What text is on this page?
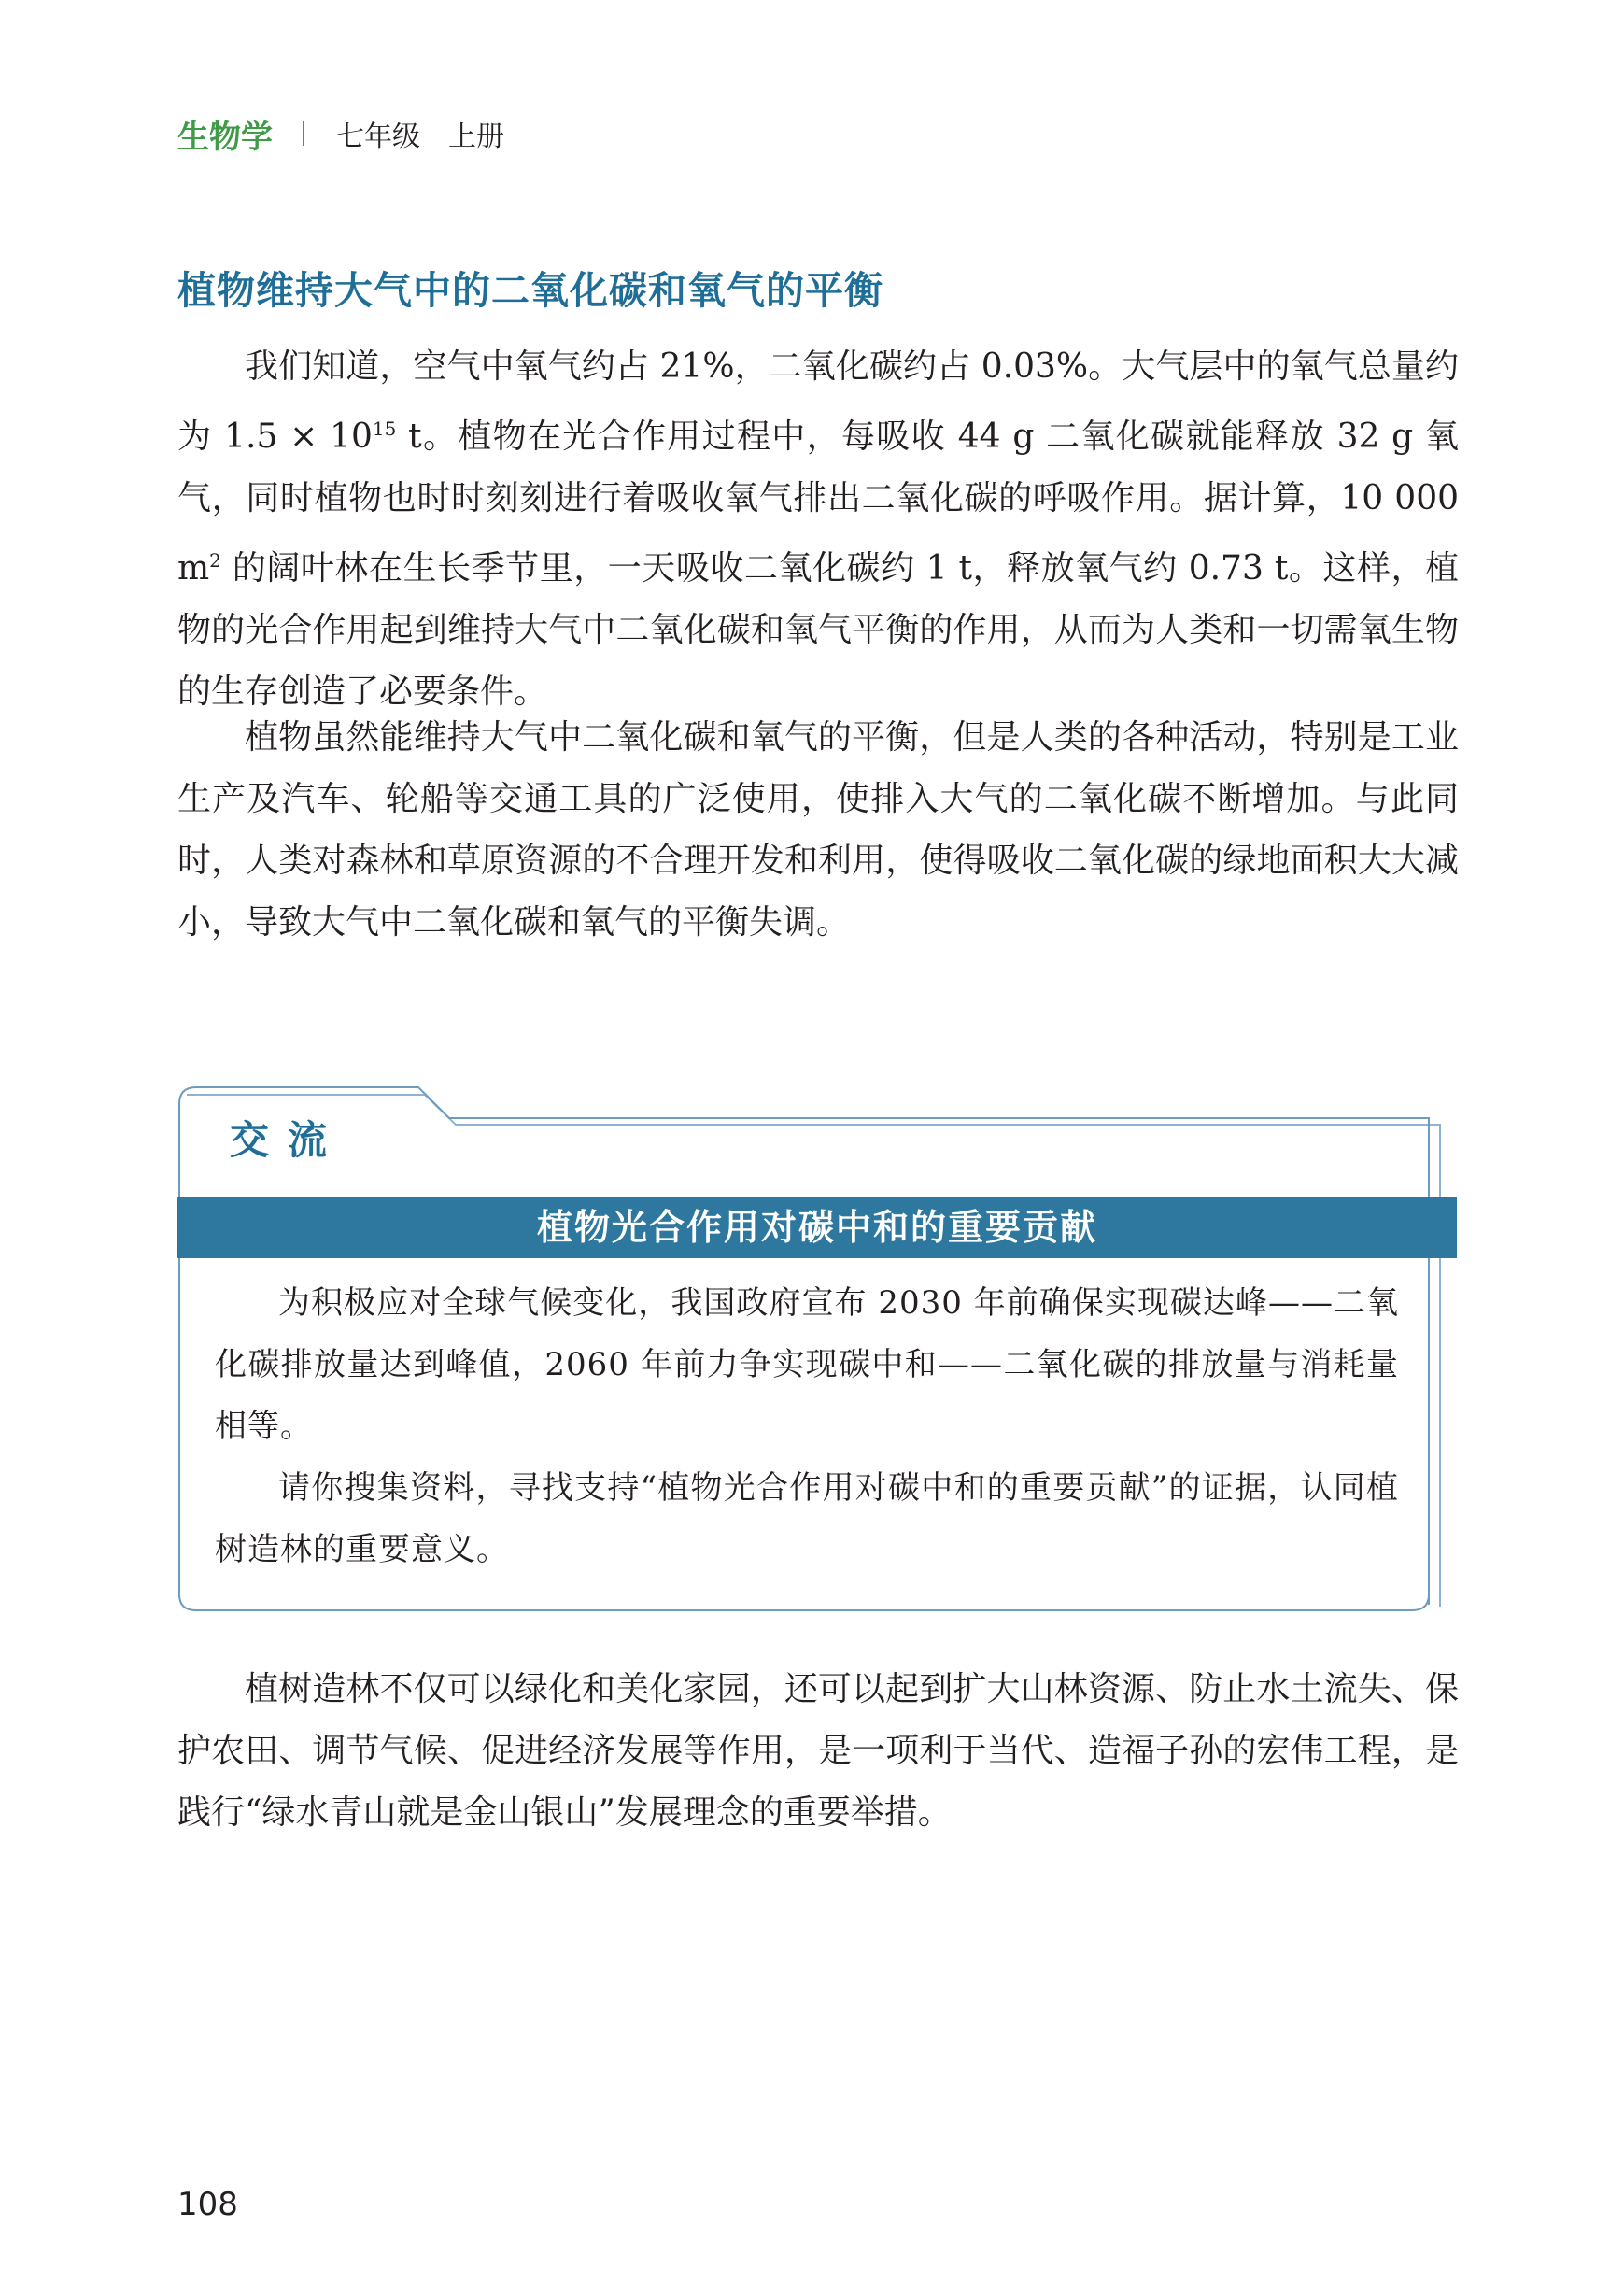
生物学 七年级　上册
植物维持大气中的二氧化碳和氧气的平衡

我们知道，空气中氧气约占 21%，二氧化碳约占 0.03%。大气层中的氧气总量约为 $1.5 \times 10^{15}$ t。植物在光合作用过程中，每吸收 44 g 二氧化碳就能释放 32 g 氧气，同时植物也时时刻刻进行着吸收氧气排出二氧化碳的呼吸作用。据计算，10 000 $m^2$ 的阔叶林在生长季节里，一天吸收二氧化碳约 1 t，释放氧气约 0.73 t。这样，植物的光合作用起到维持大气中二氧化碳和氧气平衡的作用，从而为人类和一切需氧生物的生存创造了必要条件。

植物虽然能维持大气中二氧化碳和氧气的平衡，但是人类的各种活动，特别是工业生产及汽车、轮船等交通工具的广泛使用，使排入大气的二氧化碳不断增加。与此同时，人类对森林和草原资源的不合理开发和利用，使得吸收二氧化碳的绿地面积大大减小，导致大气中二氧化碳和氧气的平衡失调。

交流
植物光合作用对碳中和的重要贡献

为积极应对全球气候变化，我国政府宣布 2030 年前确保实现碳达峰——二氧化碳排放量达到峰值，2060 年前力争实现碳中和——二氧化碳的排放量与消耗量相等。

请你搜集资料，寻找支持“植物光合作用对碳中和的重要贡献”的证据，认同植树造林的重要意义。

植树造林不仅可以绿化和美化家园，还可以起到扩大山林资源、防止水土流失、保护农田、调节气候、促进经济发展等作用，是一项利于当代、造福子孙的宏伟工程，是践行“绿水青山就是金山银山”发展理念的重要举措。

108
